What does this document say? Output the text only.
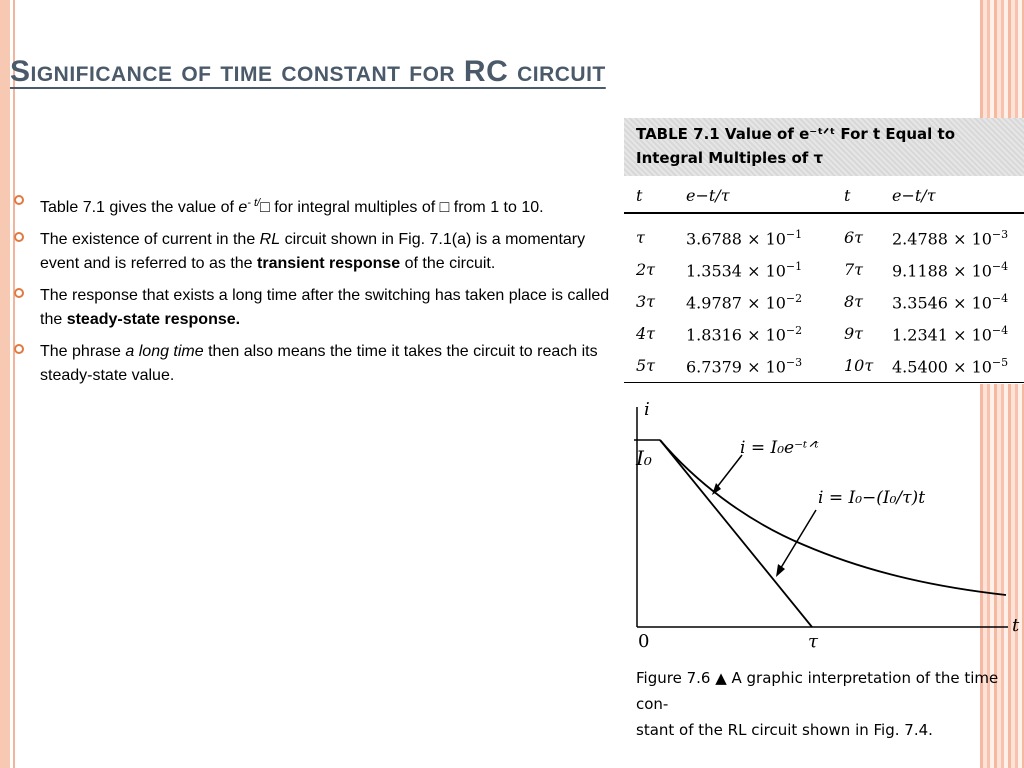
Significance of time constant for RC circuit
Table 7.1 gives the value of $e^{- t/}□$ for integral multiples of □ from 1 to 10.
The existence of current in the RL circuit shown in Fig. 7.1(a) is a momentary event and is referred to as the transient response of the circuit.
The response that exists a long time after the switching has taken place is called the steady-state response.
The phrase a long time then also means the time it takes the circuit to reach its steady-state value.
TABLE 7.1 Value of e⁻ᵗᐟᵗ For t Equal to
Integral Multiples of τ
t	e−t/τ	t	e−t/τ
τ	$3.6788 \times 10^{-1}$	6τ $2.4788 \times 10^{-3}$
2τ $1.3534 \times 10^{-1}$	7τ $9.1188 \times 10^{-4}$
3τ $4.9787 \times 10^{-2}$	8τ $3.3546 \times 10^{-4}$
4τ $1.8316 \times 10^{-2}$	9τ $1.2341 \times 10^{-4}$
5τ $6.7379 \times 10^{-3}$	10τ $4.5400 \times 10^{-5}$
i
t
I₀
0	τ
i = I₀e⁻ᵗᐟᵗ
i = I₀−(I₀/τ)t
Figure 7.6 ▲ A graphic interpretation of the time con-
stant of the RL circuit shown in Fig. 7.4.
